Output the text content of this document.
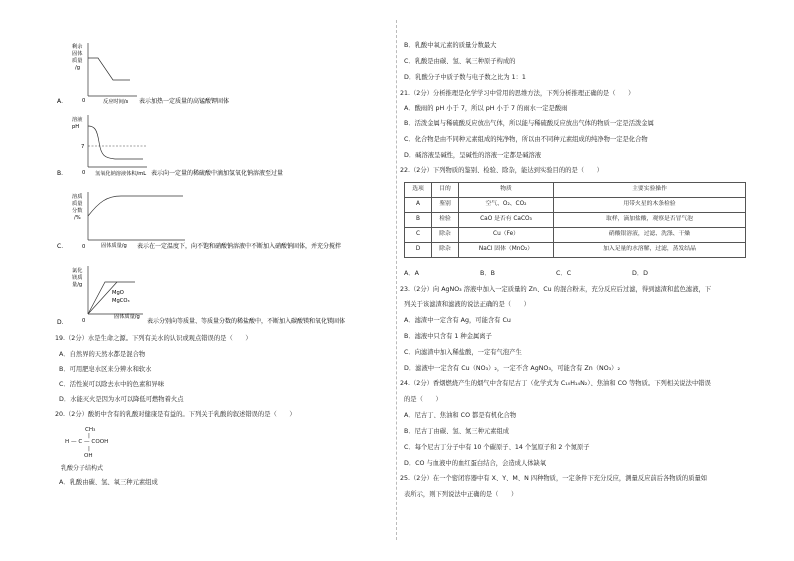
剩余
固体
质量
/g
0	反应时间/s
A．	表示加热一定质量的高锰酸钾固体
溶液
pH
7
0 氢氧化钠溶液体积/mL
B．	表示向一定量的稀硫酸中滴加氢氧化钠溶液至过量
溶质
质量
分数
/%
0	固体质量/g
C．	表示在一定温度下，向不饱和硝酸钠溶液中不断加入硝酸钠固体，并充分搅拌
氯化
镁质
量/g
MgO
MgCO₃
0
固体质量/g
D．	表示分别向等质量、等质量分数的稀盐酸中，不断加入碳酸镁和氧化镁固体
19.（2分）水是生命之源。下列有关水的认识或观点错误的是（　　）
A．自然界的天然水都是混合物
B．可用肥皂水区来分辨水和软水
C．活性炭可以除去水中的色素和异味
D．水能灭火是因为水可以降低可燃物着火点
20.（2分）酸奶中含有的乳酸对健康是有益的。下列关于乳酸的叙述错误的是（　　）
CH₃
|
H — C — COOH
|
OH
乳酸分子结构式
A．乳酸由碳、氢、氧三种元素组成
B．乳酸中氧元素的质量分数最大
C．乳酸是由碳、氢、氧三种原子构成的
D．乳酸分子中质子数与电子数之比为 1：1
21.（2分）分析推理是化学学习中常用的思维方法，下列分析推理正确的是（　　）
A．酸雨的 pH 小于 7，所以 pH 小于 7 的雨水一定是酸雨
B．活泼金属与稀硫酸反应放出气体，所以能与稀硫酸反应放出气体的物质一定是活泼金属
C．化合物是由不同种元素组成的纯净物，所以由不同种元素组成的纯净物一定是化合物
D．碱溶液呈碱性，呈碱性的溶液一定都是碱溶液
22.（2分）下列物质的鉴别、检验、除杂，能达到实验目的的是（　　）
选项	目的	物质	主要实验操作
A	鉴别	空气、O₂、CO₂	用带火星的木条检验
B	检验	CaO 是否有 CaCO₃	取样，滴加盐酸，观察是否冒气泡
C	除杂	Cu（Fe）	硝酸银溶液，过滤、洗涤、干燥
D	除杂	NaCl 固体（MnO₂）	加入足量的水溶解，过滤，蒸发结晶
A．A	B．B	C．C	D．D
23.（2分）向 AgNO₃ 溶液中加入一定质量的 Zn、Cu 的混合粉末，充分反应后过滤，得到滤渣和蓝色滤液，下
列关于该滤渣和滤液的说法正确的是（　　）
A．滤渣中一定含有 Ag，可能含有 Cu
B．滤液中只含有 1 种金属离子
C．向滤渣中加入稀盐酸，一定有气泡产生
D．滤液中一定含有 Cu（NO₃）₂，一定不含 AgNO₃，可能含有 Zn（NO₃）₂
24.（2分）香烟燃烧产生的烟气中含有尼古丁（化学式为 C₁₀H₁₄N₂）、焦油和 CO 等物质。下列相关说法中错误
的是（　　）
A．尼古丁、焦油和 CO 都是有机化合物
B．尼古丁由碳、氢、氮三种元素组成
C．每个尼古丁分子中有 10 个碳原子、14 个氢原子和 2 个氮原子
D．CO 与血液中的血红蛋白结合，会造成人体缺氧
25.（2分）在一个密闭容器中有 X、Y、M、N 四种物质，一定条件下充分反应，测量反应前后各物质的质量如
表所示，则下列说法中正确的是（　　）
